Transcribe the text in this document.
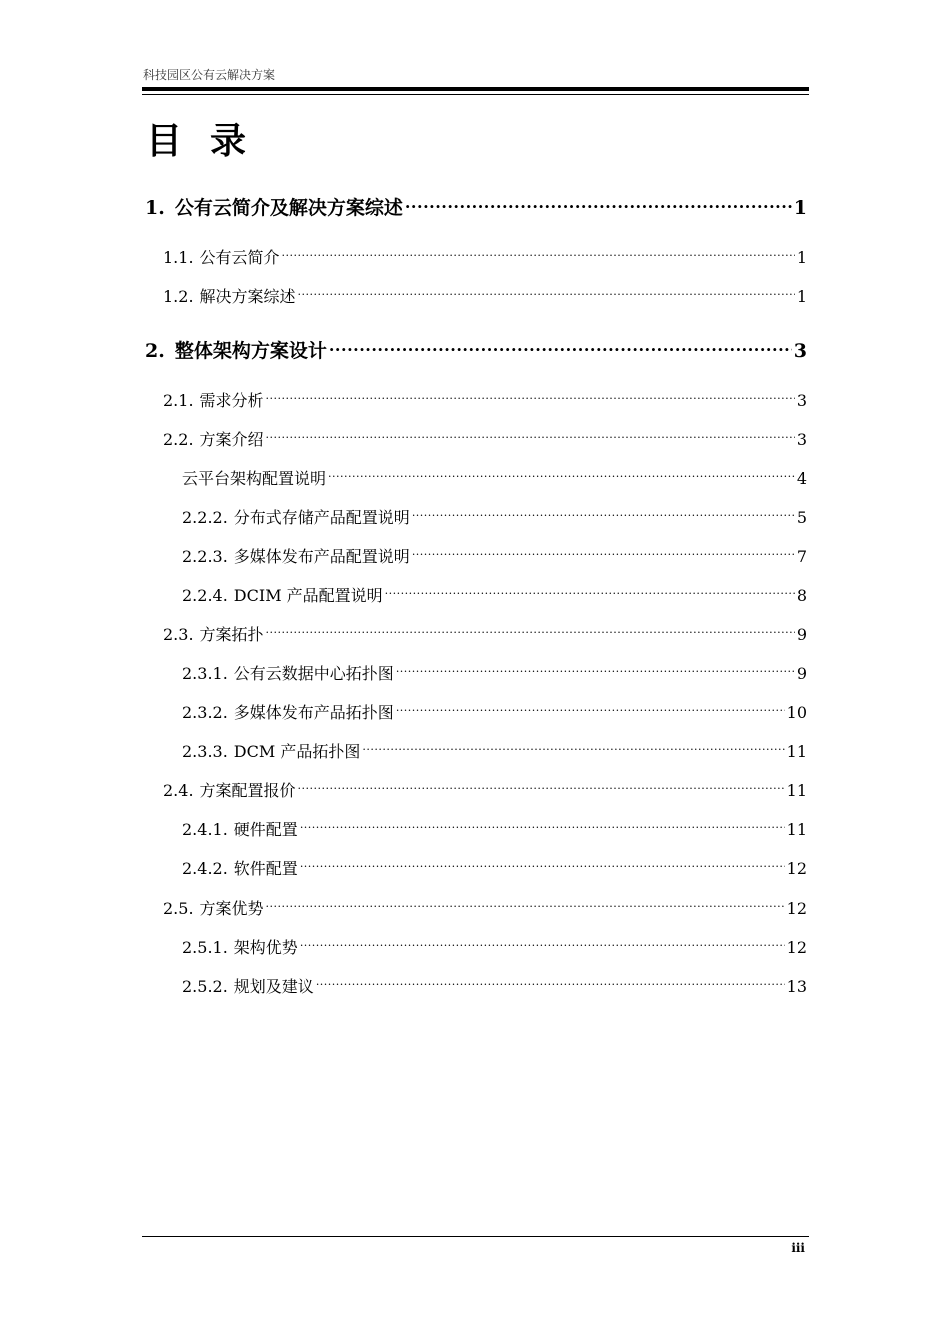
科技园区公有云解决方案
目录
1. 公有云简介及解决方案综述 .....	1
1.1. 公有云简介 .....	1
1.2. 解决方案综述 .....	1
2. 整体架构方案设计 .....	3
2.1. 需求分析 .....	3
2.2. 方案介绍 .....	3
云平台架构配置说明 .....	4
2.2.2. 分布式存储产品配置说明 .....	5
2.2.3. 多媒体发布产品配置说明 .....	7
2.2.4. DCIM 产品配置说明 .....	8
2.3. 方案拓扑 .....	9
2.3.1. 公有云数据中心拓扑图 .....	9
2.3.2. 多媒体发布产品拓扑图 .....	10
2.3.3. DCM 产品拓扑图 .....	11
2.4. 方案配置报价 .....	11
2.4.1. 硬件配置 .....	11
2.4.2. 软件配置 .....	12
2.5. 方案优势 .....	12
2.5.1. 架构优势 .....	12
2.5.2. 规划及建议 .....	13
iii
